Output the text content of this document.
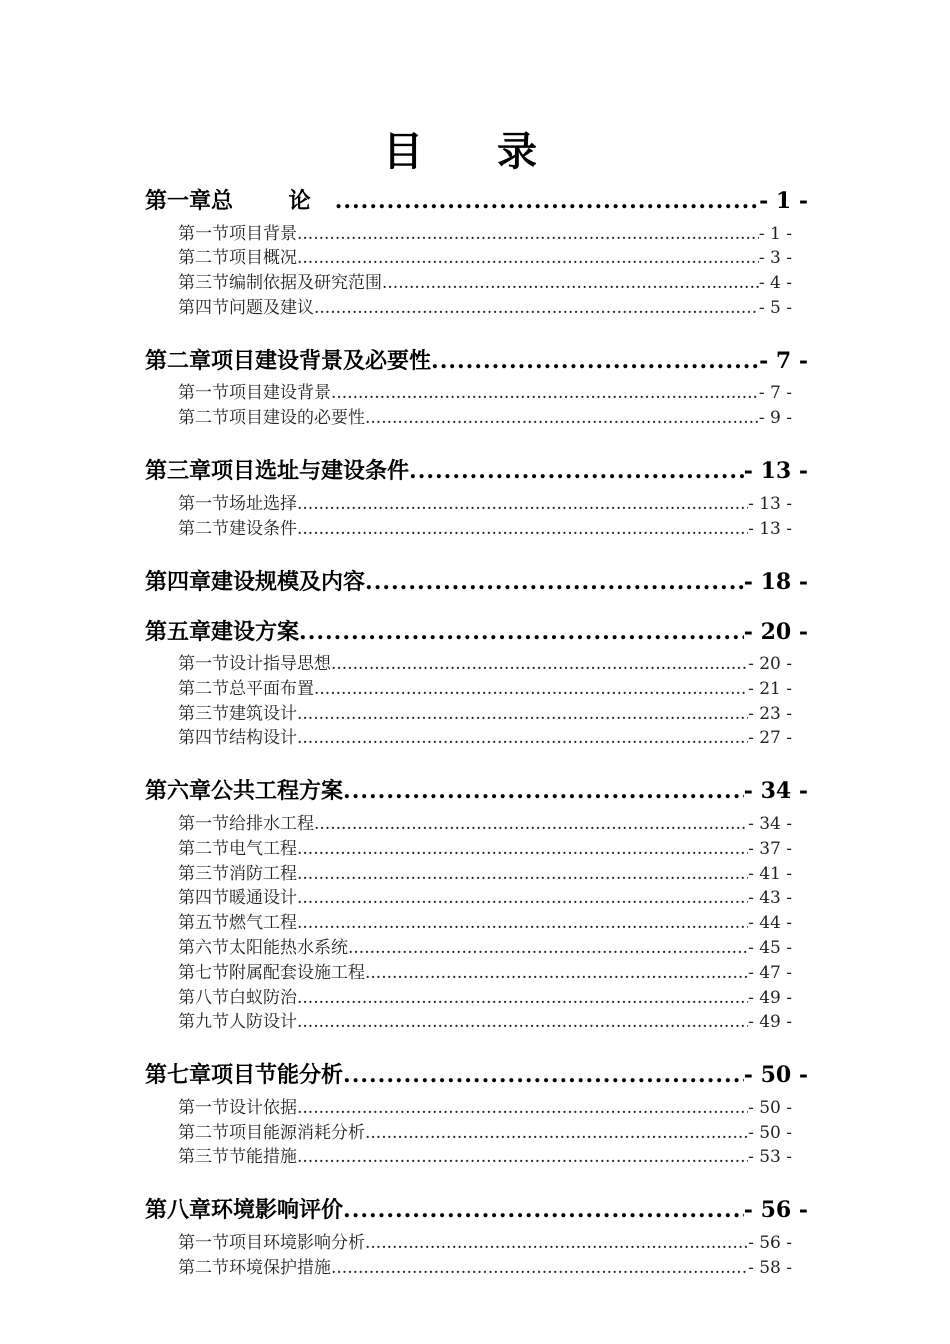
目 录
第一章 总 论 .....	- 1 -
第一节 项目背景 .....	- 1 -
第二节 项目概况 .....	- 3 -
第三节 编制依据及研究范围 .....	- 4 -
第四节 问题及建议 .....	- 5 -
第二章 项目建设背景及必要性 .....	- 7 -
第一节 项目建设背景 .....	- 7 -
第二节 项目建设的必要性 .....	- 9 -
第三章 项目选址与建设条件 .....	- 13 -
第一节 场址选择 .....	- 13 -
第二节 建设条件 .....	- 13 -
第四章 建设规模及内容 .....	- 18 -
第五章 建设方案 .....	- 20 -
第一节 设计指导思想 .....	- 20 -
第二节 总平面布置 .....	- 21 -
第三节 建筑设计 .....	- 23 -
第四节 结构设计 .....	- 27 -
第六章 公共工程方案 .....	- 34 -
第一节 给排水工程 .....	- 34 -
第二节 电气工程 .....	- 37 -
第三节 消防工程 .....	- 41 -
第四节 暖通设计 .....	- 43 -
第五节 燃气工程 .....	- 44 -
第六节 太阳能热水系统 .....	- 45 -
第七节 附属配套设施工程 .....	- 47 -
第八节 白蚁防治 .....	- 49 -
第九节 人防设计 .....	- 49 -
第七章 项目节能分析 .....	- 50 -
第一节 设计依据 .....	- 50 -
第二节 项目能源消耗分析 .....	- 50 -
第三节 节能措施 .....	- 53 -
第八章 环境影响评价 .....	- 56 -
第一节 项目环境影响分析 .....	- 56 -
第二节 环境保护措施 .....	- 58 -
